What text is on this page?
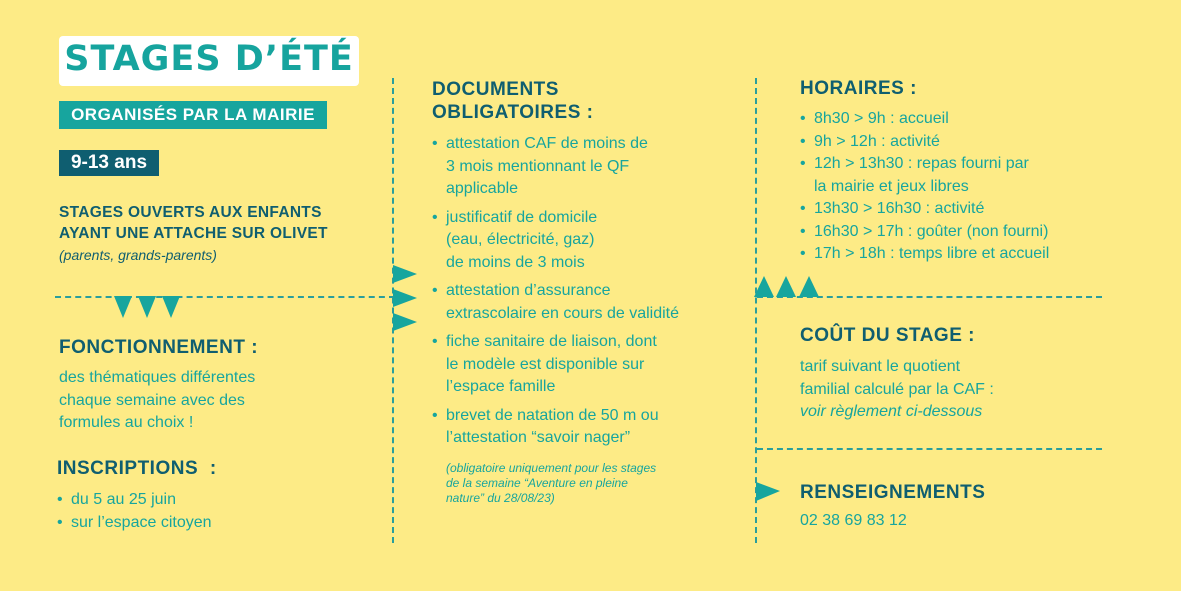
STAGES D’ÉTÉ
ORGANISÉS PAR LA MAIRIE
9-13 ans
STAGES OUVERTS AUX ENFANTS
AYANT UNE ATTACHE SUR OLIVET
(parents, grands-parents)
FONCTIONNEMENT :
des thématiques différentes
chaque semaine avec des
formules au choix !
INSCRIPTIONS :
• du 5 au 25 juin
• sur l’espace citoyen
DOCUMENTS
OBLIGATOIRES :
• attestation CAF de moins de
3 mois mentionnant le QF
applicable
• justificatif de domicile
(eau, électricité, gaz)
de moins de 3 mois
• attestation d’assurance
extrascolaire en cours de validité
• fiche sanitaire de liaison, dont
le modèle est disponible sur
l’espace famille
• brevet de natation de 50 m ou
l’attestation “savoir nager”
(obligatoire uniquement pour les stages
de la semaine “Aventure en pleine
nature” du 28/08/23)
HORAIRES :
• 8h30 > 9h : accueil
• 9h > 12h : activité
• 12h > 13h30 : repas fourni par
la mairie et jeux libres
• 13h30 > 16h30 : activité
• 16h30 > 17h : goûter (non fourni)
• 17h > 18h : temps libre et accueil
COÛT DU STAGE :
tarif suivant le quotient
familial calculé par la CAF :
voir règlement ci-dessous
RENSEIGNEMENTS
02 38 69 83 12
